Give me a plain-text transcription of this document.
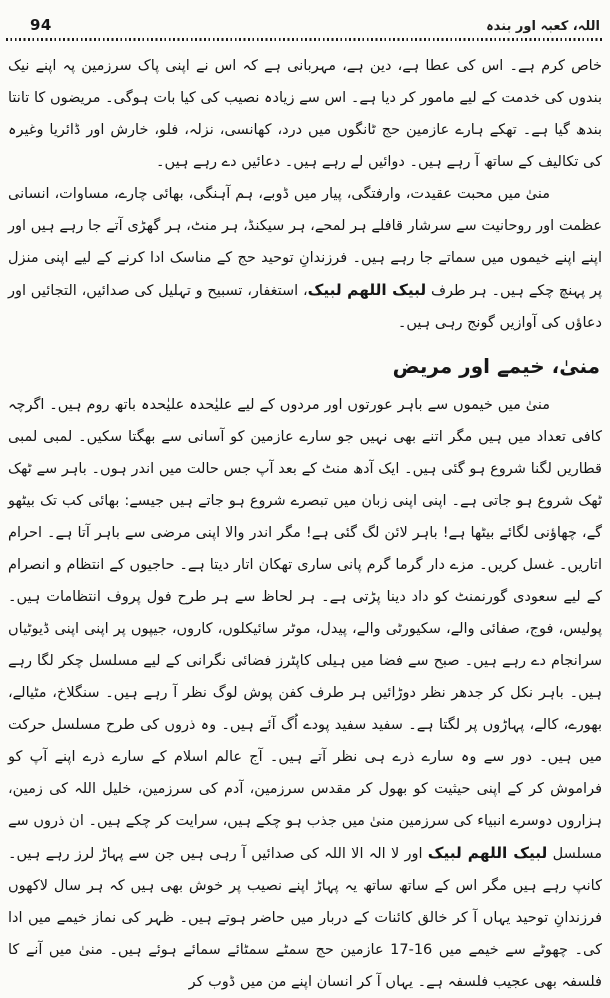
94	اللہ، کعبہ اور بندہ

خاص کرم ہے۔ اس کی عطا ہے، دین ہے، مہربانی ہے کہ اس نے اپنی پاک سرزمین پہ اپنے نیک بندوں کی خدمت کے لیے مامور کر دیا ہے۔ اس سے زیادہ نصیب کی کیا بات ہوگی۔ مریضوں کا تانتا بندھ گیا ہے۔ تھکے ہارے عازمین حج ٹانگوں میں درد، کھانسی، نزلہ، فلو، خارش اور ڈائریا وغیرہ کی تکالیف کے ساتھ آ رہے ہیں۔ دوائیں لے رہے ہیں۔ دعائیں دے رہے ہیں۔

منیٰ میں محبت عقیدت، وارفتگی، پیار میں ڈوبے، ہم آہنگی، بھائی چارے، مساوات، انسانی عظمت اور روحانیت سے سرشار قافلے ہر لمحے، ہر سیکنڈ، ہر منٹ، ہر گھڑی آتے جا رہے ہیں اور اپنے اپنے خیموں میں سماتے جا رہے ہیں۔ فرزندانِ توحید حج کے مناسک ادا کرنے کے لیے اپنی منزل پر پہنچ چکے ہیں۔ ہر طرف لبیک اللھم لبیک، استغفار، تسبیح و تہلیل کی صدائیں، التجائیں اور دعاؤں کی آوازیں گونج رہی ہیں۔

منیٰ، خیمے اور مریض

منیٰ میں خیموں سے باہر عورتوں اور مردوں کے لیے علیٰحدہ علیٰحدہ باتھ روم ہیں۔ اگرچہ کافی تعداد میں ہیں مگر اتنے بھی نہیں جو سارے عازمین کو آسانی سے بھگتا سکیں۔ لمبی لمبی قطاریں لگنا شروع ہو گئی ہیں۔ ایک آدھ منٹ کے بعد آپ جس حالت میں اندر ہوں۔ باہر سے ٹھک ٹھک شروع ہو جاتی ہے۔ اپنی اپنی زبان میں تبصرے شروع ہو جاتے ہیں جیسے: بھائی کب تک بیٹھو گے، چھاؤنی لگائے بیٹھا ہے! باہر لائن لگ گئی ہے! مگر اندر والا اپنی مرضی سے باہر آتا ہے۔ احرام اتاریں۔ غسل کریں۔ مزے دار گرما گرم پانی ساری تھکان اتار دیتا ہے۔ حاجیوں کے انتظام و انصرام کے لیے سعودی گورنمنٹ کو داد دینا پڑتی ہے۔ ہر لحاظ سے ہر طرح فول پروف انتظامات ہیں۔ پولیس، فوج، صفائی والے، سکیورٹی والے، پیدل، موٹر سائیکلوں، کاروں، جیپوں پر اپنی اپنی ڈیوٹیاں سرانجام دے رہے ہیں۔ صبح سے فضا میں ہیلی کاپٹرز فضائی نگرانی کے لیے مسلسل چکر لگا رہے ہیں۔ باہر نکل کر جدھر نظر دوڑائیں ہر طرف کفن پوش لوگ نظر آ رہے ہیں۔ سنگلاخ، مٹیالے، بھورے، کالے، پہاڑوں پر لگتا ہے۔ سفید سفید پودے اُگ آئے ہیں۔ وہ ذروں کی طرح مسلسل حرکت میں ہیں۔ دور سے وہ سارے ذرے ہی نظر آتے ہیں۔ آج عالم اسلام کے سارے ذرے اپنے آپ کو فراموش کر کے اپنی حیثیت کو بھول کر مقدس سرزمین، آدم کی سرزمین، خلیل اللہ کی زمین، ہزاروں دوسرے انبیاء کی سرزمین منیٰ میں جذب ہو چکے ہیں، سرایت کر چکے ہیں۔ ان ذروں سے مسلسل لبیک اللھم لبیک اور لا الہ الا اللہ کی صدائیں آ رہی ہیں جن سے پہاڑ لرز رہے ہیں۔ کانپ رہے ہیں مگر اس کے ساتھ ساتھ یہ پہاڑ اپنے نصیب پر خوش بھی ہیں کہ ہر سال لاکھوں فرزندانِ توحید یہاں آ کر خالق کائنات کے دربار میں حاضر ہوتے ہیں۔ ظہر کی نماز خیمے میں ادا کی۔ چھوٹے سے خیمے میں 16-17 عازمین حج سمٹے سمٹائے سمائے ہوئے ہیں۔ منیٰ میں آنے کا فلسفہ بھی عجیب فلسفہ ہے۔ یہاں آ کر انسان اپنے من میں ڈوب کر
